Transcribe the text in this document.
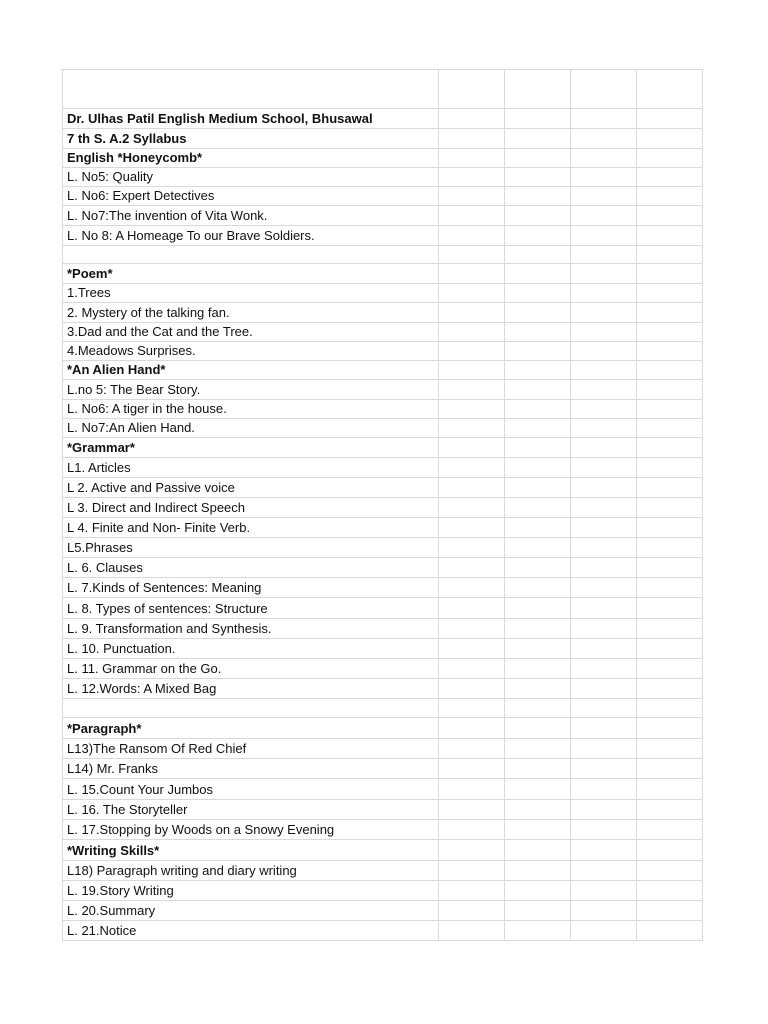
Dr. Ulhas Patil English Medium School, Bhusawal				
7 th S. A.2 Syllabus				
English *Honeycomb*				
L. No5: Quality				
L. No6: Expert Detectives				
L. No7:The invention of Vita Wonk.				
L. No 8: A Homeage To our Brave Soldiers.				

*Poem*				
1.Trees				
2. Mystery of the talking fan.				
3.Dad and the Cat and the Tree.				
4.Meadows Surprises.				
*An Alien Hand*				
L.no 5: The Bear Story.				
L. No6: A tiger in the house.				
L. No7:An Alien Hand.				
*Grammar*				
L1. Articles				
L 2. Active and Passive voice				
L 3. Direct and Indirect Speech				
L 4. Finite and Non- Finite Verb.				
L5.Phrases				
L. 6. Clauses				
L. 7.Kinds of Sentences: Meaning				
L. 8. Types of sentences: Structure				
L. 9. Transformation and Synthesis.				
L. 10. Punctuation.				
L. 11. Grammar on the Go.				
L. 12.Words: A Mixed Bag				

*Paragraph*				
L13)The Ransom Of Red Chief				
L14) Mr. Franks				
L. 15.Count Your Jumbos				
L. 16. The Storyteller				
L. 17.Stopping by Woods on a Snowy Evening				
*Writing Skills*				
L18) Paragraph writing and diary writing				
L. 19.Story Writing				
L. 20.Summary				
L. 21.Notice				
